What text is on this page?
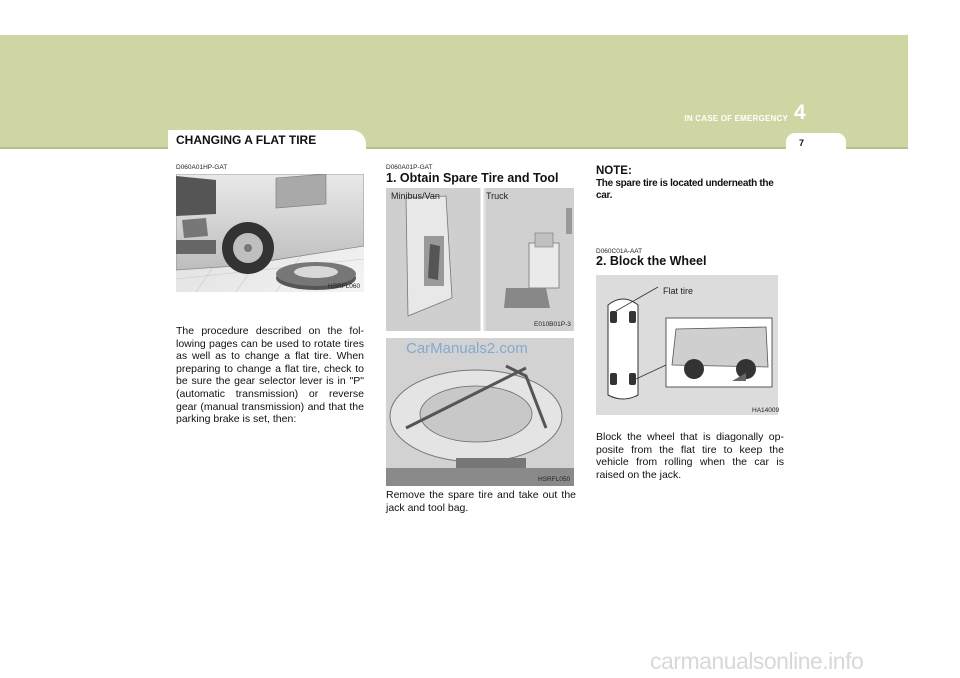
IN CASE OF EMERGENCY 4
7
CHANGING A FLAT TIRE
D060A01HP-GAT
HSRFL060
The procedure described on the fol-lowing pages can be used to rotate tires as well as to change a flat tire. When preparing to change a flat tire, check to be sure the gear selector lever is in "P" (automatic transmission) or reverse gear (manual transmission) and that the parking brake is set, then:
D060A01P-GAT
1. Obtain Spare Tire and Tool
Minibus/Van	Truck
E010B01P-3
CarManuals2.com
HSRFL050
Remove the spare tire and take out the jack and tool bag.
NOTE:
The spare tire is located underneath the car.
D060C01A-AAT
2. Block the Wheel
Flat tire
HA14009
Block the wheel that is diagonally op-posite from the flat tire to keep the vehicle from rolling when the car is raised on the jack.
carmanualsonline.info
